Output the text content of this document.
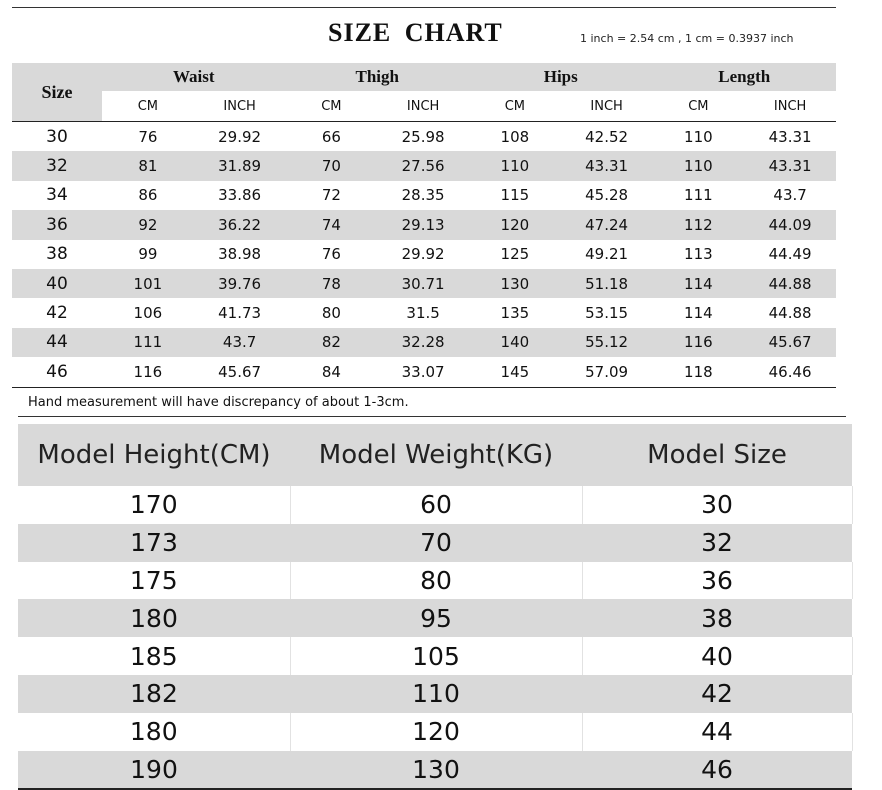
SIZE CHART	1 inch = 2.54 cm , 1 cm = 0.3937 inch
Size	Waist		Thigh		Hips		Length	
	CM	INCH	CM	INCH	CM	INCH	CM	INCH
30	76	29.92	66	25.98	108	42.52	110	43.31
32	81	31.89	70	27.56	110	43.31	110	43.31
34	86	33.86	72	28.35	115	45.28	111	43.7
36	92	36.22	74	29.13	120	47.24	112	44.09
38	99	38.98	76	29.92	125	49.21	113	44.49
40	101	39.76	78	30.71	130	51.18	114	44.88
42	106	41.73	80	31.5	135	53.15	114	44.88
44	111	43.7	82	32.28	140	55.12	116	45.67
46	116	45.67	84	33.07	145	57.09	118	46.46
Hand measurement will have discrepancy of about 1-3cm.
Model Height(CM)	Model Weight(KG)	Model Size
170	60	30
173	70	32
175	80	36
180	95	38
185	105	40
182	110	42
180	120	44
190	130	46
